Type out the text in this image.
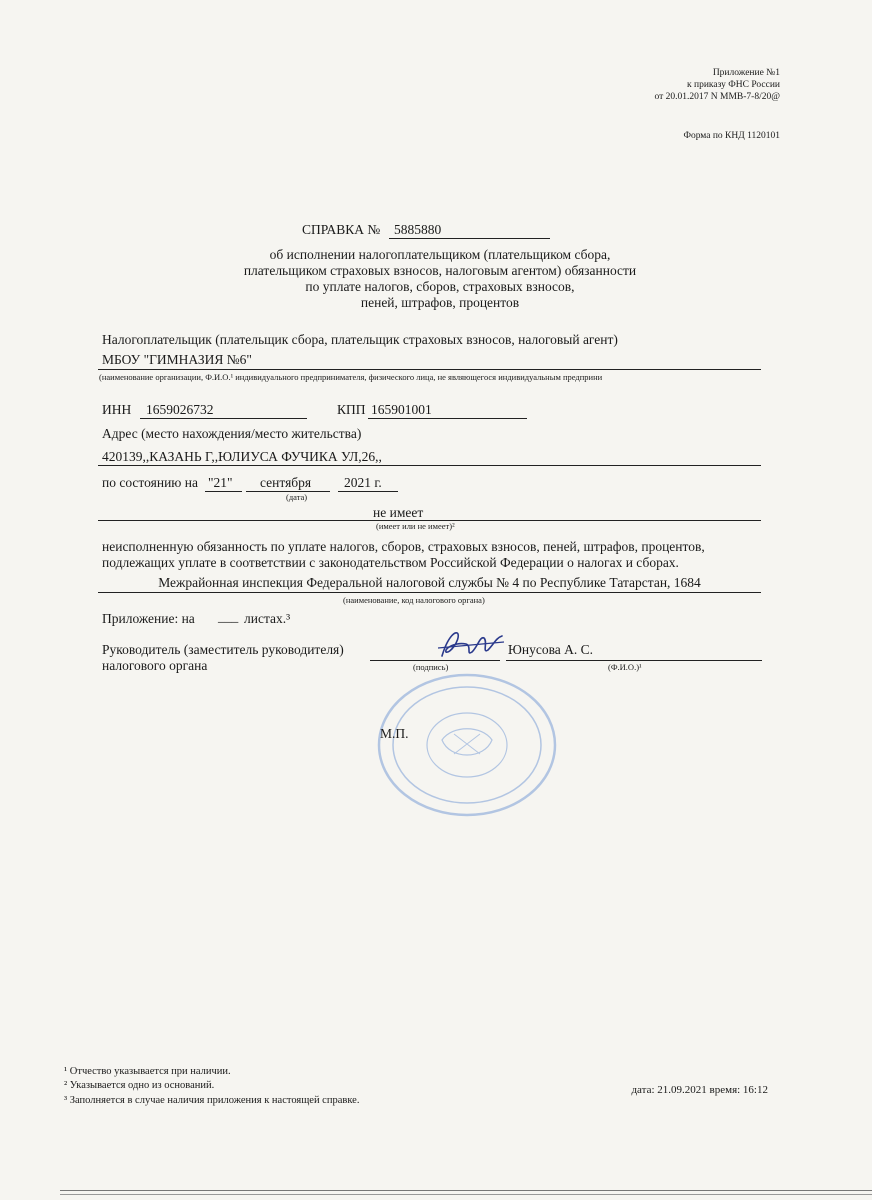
Приложение №1
к приказу ФНС России
от 20.01.2017 N ММВ-7-8/20@
Форма по КНД 1120101
СПРАВКА № 5885880
об исполнении налогоплательщиком (плательщиком сбора,
плательщиком страховых взносов, налоговым агентом) обязанности
по уплате налогов, сборов, страховых взносов,
пеней, штрафов, процентов
Налогоплательщик (плательщик сбора, плательщик страховых взносов, налоговый агент)
МБОУ "ГИМНАЗИЯ №6"
(наименование организации, Ф.И.О.¹ индивидуального предпринимателя, физического лица, не являющегося индивидуальным предприни
ИНН 1659026732	КПП 165901001
Адрес (место нахождения/место жительства)
420139,,КАЗАНЬ Г,,ЮЛИУСА ФУЧИКА УЛ,26,,
по состоянию на "21" сентября 2021 г.
(дата)
не имеет
(имеет или не имеет)²
неисполненную обязанность по уплате налогов, сборов, страховых взносов, пеней, штрафов, процентов,
подлежащих уплате в соответствии с законодательством Российской Федерации о налогах и сборах.
Межрайонная инспекция Федеральной налоговой службы № 4 по Республике Татарстан, 1684
(наименование, код налогового органа)
Приложение: на ___ листах.³
Руководитель (заместитель руководителя)
налогового органа
Юнусова А. С.
(подпись)	(Ф.И.О.)¹
М.П.
¹ Отчество указывается при наличии.
² Указывается одно из оснований.
³ Заполняется в случае наличия приложения к настоящей справке.
дата: 21.09.2021 время: 16:12
